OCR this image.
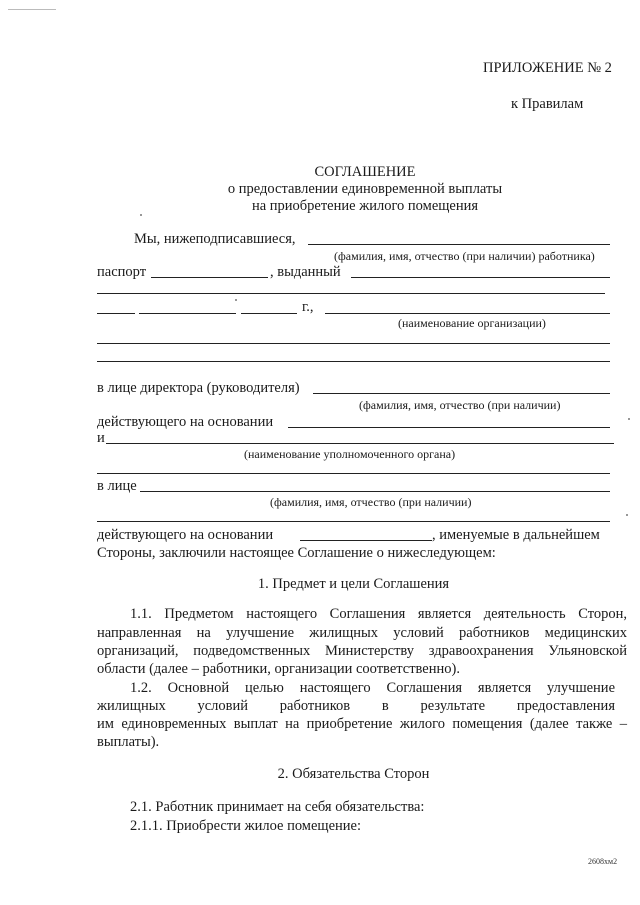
ПРИЛОЖЕНИЕ № 2
к Правилам
СОГЛАШЕНИЕ
о предоставлении единовременной выплаты
на приобретение жилого помещения
Мы, нижеподписавшиеся,
(фамилия, имя, отчество (при наличии) работника)
паспорт	, выданный
г.,
(наименование организации)
в лице директора (руководителя)
(фамилия, имя, отчество (при наличии)
действующего на основании
и
(наименование уполномоченного органа)
в лице
(фамилия, имя, отчество (при наличии)
действующего на основании	, именуемые в дальнейшем
Стороны, заключили настоящее Соглашение о нижеследующем:
1. Предмет и цели Соглашения
1.1. Предметом настоящего Соглашения является деятельность Сторон,
направленная на улучшение жилищных условий работников медицинских
организаций, подведомственных Министерству здравоохранения Ульяновской
области (далее – работники, организации соответственно).
1.2. Основной целью настоящего Соглашения является улучшение
жилищных условий работников в результате предоставления
им единовременных выплат на приобретение жилого помещения (далее также –
выплаты).
2. Обязательства Сторон
2.1. Работник принимает на себя обязательства:
2.1.1. Приобрести жилое помещение:
2608хм2
